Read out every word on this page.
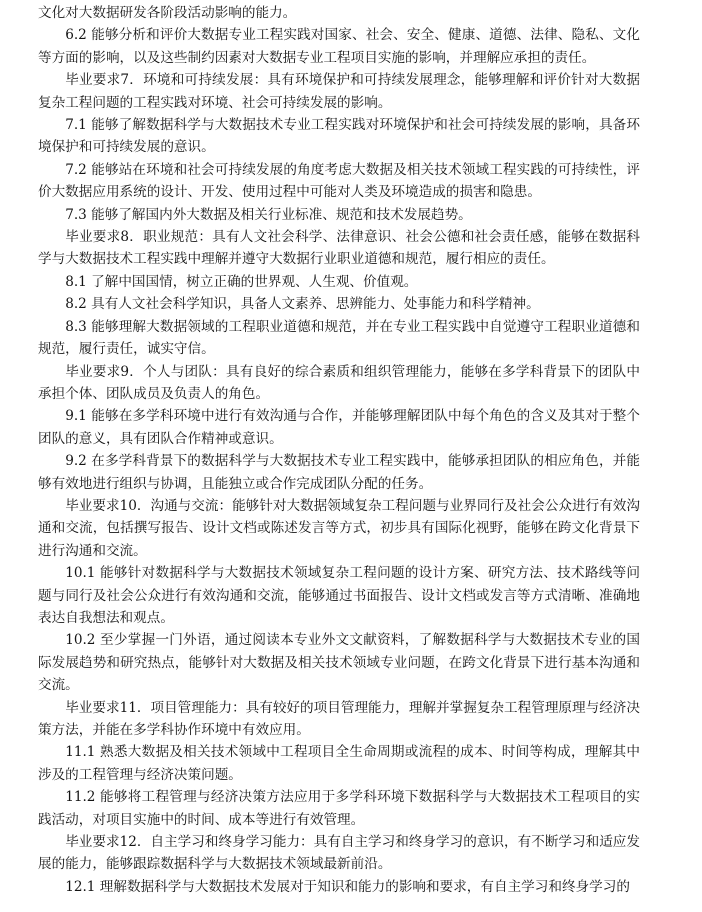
文化对大数据研发各阶段活动影响的能力。

6.2 能够分析和评价大数据专业工程实践对国家、社会、安全、健康、道德、法律、隐私、文化等方面的影响，以及这些制约因素对大数据专业工程项目实施的影响，并理解应承担的责任。

毕业要求7．环境和可持续发展：具有环境保护和可持续发展理念，能够理解和评价针对大数据复杂工程问题的工程实践对环境、社会可持续发展的影响。

7.1 能够了解数据科学与大数据技术专业工程实践对环境保护和社会可持续发展的影响，具备环境保护和可持续发展的意识。

7.2 能够站在环境和社会可持续发展的角度考虑大数据及相关技术领域工程实践的可持续性，评价大数据应用系统的设计、开发、使用过程中可能对人类及环境造成的损害和隐患。

7.3 能够了解国内外大数据及相关行业标准、规范和技术发展趋势。

毕业要求8．职业规范：具有人文社会科学、法律意识、社会公德和社会责任感，能够在数据科学与大数据技术工程实践中理解并遵守大数据行业职业道德和规范，履行相应的责任。

8.1 了解中国国情，树立正确的世界观、人生观、价值观。

8.2 具有人文社会科学知识，具备人文素养、思辨能力、处事能力和科学精神。

8.3 能够理解大数据领域的工程职业道德和规范，并在专业工程实践中自觉遵守工程职业道德和规范，履行责任，诚实守信。

毕业要求9．个人与团队：具有良好的综合素质和组织管理能力，能够在多学科背景下的团队中承担个体、团队成员及负责人的角色。

9.1 能够在多学科环境中进行有效沟通与合作，并能够理解团队中每个角色的含义及其对于整个团队的意义，具有团队合作精神或意识。

9.2 在多学科背景下的数据科学与大数据技术专业工程实践中，能够承担团队的相应角色，并能够有效地进行组织与协调，且能独立或合作完成团队分配的任务。

毕业要求10．沟通与交流：能够针对大数据领域复杂工程问题与业界同行及社会公众进行有效沟通和交流，包括撰写报告、设计文档或陈述发言等方式，初步具有国际化视野，能够在跨文化背景下进行沟通和交流。

10.1 能够针对数据科学与大数据技术领域复杂工程问题的设计方案、研究方法、技术路线等问题与同行及社会公众进行有效沟通和交流，能够通过书面报告、设计文档或发言等方式清晰、准确地表达自我想法和观点。

10.2 至少掌握一门外语，通过阅读本专业外文文献资料，了解数据科学与大数据技术专业的国际发展趋势和研究热点，能够针对大数据及相关技术领域专业问题，在跨文化背景下进行基本沟通和交流。

毕业要求11．项目管理能力：具有较好的项目管理能力，理解并掌握复杂工程管理原理与经济决策方法，并能在多学科协作环境中有效应用。

11.1 熟悉大数据及相关技术领域中工程项目全生命周期或流程的成本、时间等构成，理解其中涉及的工程管理与经济决策问题。

11.2 能够将工程管理与经济决策方法应用于多学科环境下数据科学与大数据技术工程项目的实践活动，对项目实施中的时间、成本等进行有效管理。

毕业要求12．自主学习和终身学习能力：具有自主学习和终身学习的意识，有不断学习和适应发展的能力，能够跟踪数据科学与大数据技术领域最新前沿。

12.1 理解数据科学与大数据技术发展对于知识和能力的影响和要求，有自主学习和终身学习的
